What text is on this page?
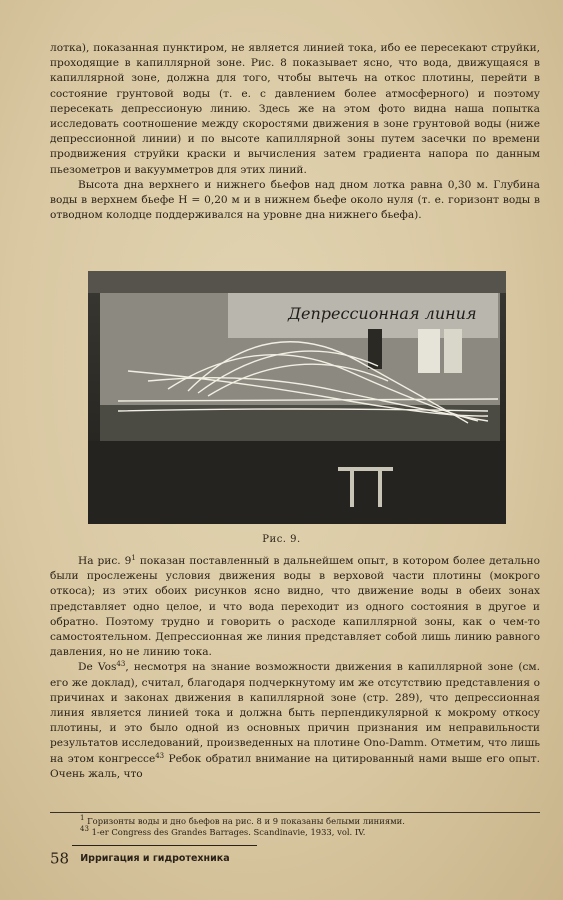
лотка), показанная пунктиром, не является линией тока, ибо ее пересекают струйки, проходящие в капиллярной зоне. Рис. 8 показывает ясно, что вода, движущаяся в капиллярной зоне, должна для того, чтобы вытечь на откос плотины, перейти в состояние грунтовой воды (т. е. с давлением более атмосферного) и поэтому пересекать депрессионую линию. Здесь же на этом фото видна наша попытка исследовать соотношение между скоростями движения в зоне грунтовой воды (ниже депрессионной линии) и по высоте капиллярной зоны путем засечки по времени продвижения струйки краски и вычисления затем градиента напора по данным пьезометров и вакуумметров для этих линий.

Высота дна верхнего и нижнего бьефов над дном лотка равна 0,30 м. Глубина воды в верхнем бьефе H = 0,20 м и в нижнем бьефе около нуля (т. е. горизонт воды в отводном колодце поддерживался на уровне дна нижнего бьефа).

Депрессионная линия
Рис. 9.

На рис. $9^1$ показан поставленный в дальнейшем опыт, в котором более детально были прослежены условия движения воды в верховой части плотины (мокрого откоса); из этих обоих рисунков ясно видно, что движение воды в обеих зонах представляет одно целое, и что вода переходит из одного состояния в другое и обратно. Поэтому трудно и говорить о расходе капиллярной зоны, как о чем-то самостоятельном. Депрессионная же линия представляет собой лишь линию равного давления, но не линию тока.

De Vos$^{43}$, несмотря на знание возможности движения в капиллярной зоне (см. его же доклад), считал, благодаря подчеркнутому им же отсутствию представления о причинах и законах движения в капиллярной зоне (стр. 289), что депрессионная линия является линией тока и должна быть перпендикулярной к мокрому откосу плотины, и это было одной из основных причин признания им неправильности результатов исследований, произведенных на плотине Ono-Damm. Отметим, что лишь на этом конгрессе$^{43}$ Ребок обратил внимание на цитированный нами выше его опыт. Очень жаль, что

$^1$ Горизонты воды и дно бьефов на рис. 8 и 9 показаны белыми линиями.

$^{43}$ 1-er Congress des Grandes Barrages. Scandinavie, 1933, vol. IV.

58 Ирригация и гидротехника
